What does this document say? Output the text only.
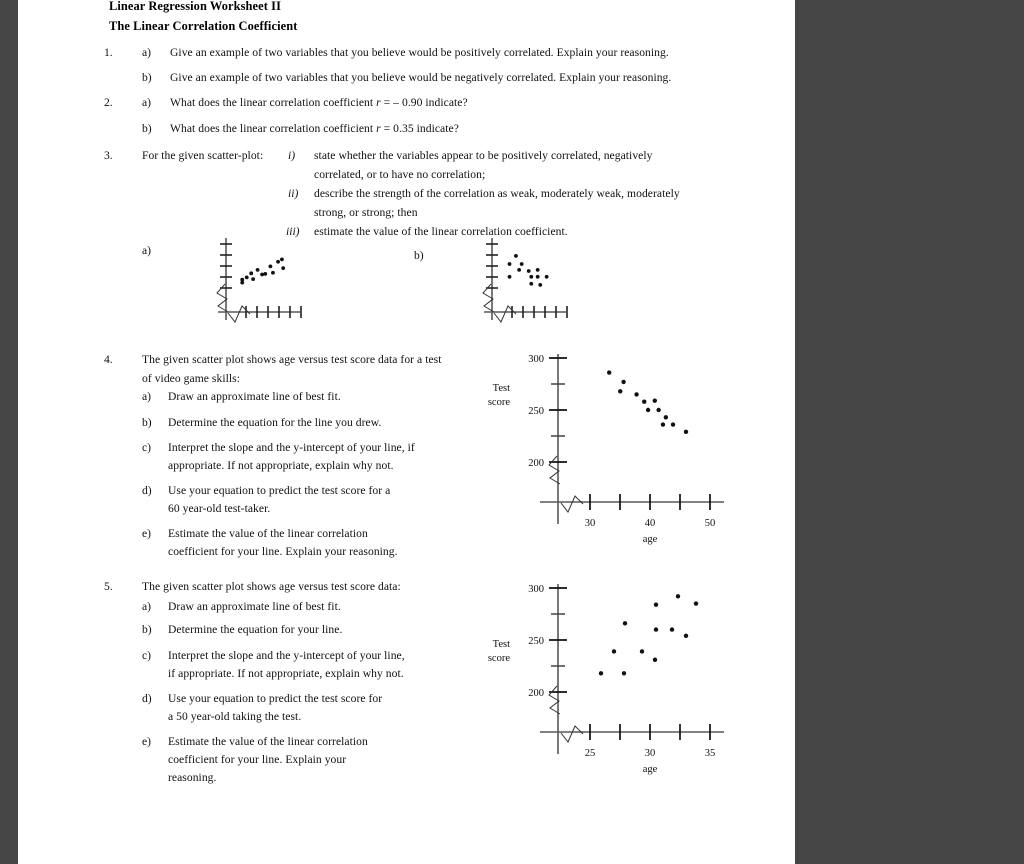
Linear Regression Worksheet II
The Linear Correlation Coefficient
1.	a) Give an example of two variables that you believe would be positively correlated. Explain your reasoning.
b) Give an example of two variables that you believe would be negatively correlated. Explain your reasoning.
2.	a) What does the linear correlation coefficient r = – 0.90 indicate?
b) What does the linear correlation coefficient r = 0.35 indicate?
3.	For the given scatter-plot: i) state whether the variables appear to be positively correlated, negatively
correlated, or to have no correlation;
ii) describe the strength of the correlation as weak, moderately weak, moderately
strong, or strong; then
iii) estimate the value of the linear correlation coefficient.
a)	b)
4.	The given scatter plot shows age versus test score data for a test
of video game skills:
a) Draw an approximate line of best fit.
b) Determine the equation for the line you drew.
c) Interpret the slope and the y-intercept of your line, if
appropriate. If not appropriate, explain why not.
d) Use your equation to predict the test score for a
60 year-old test-taker.
e) Estimate the value of the linear correlation
coefficient for your line. Explain your reasoning.
300
250
200
30	40	50
age
Test
score
5.	The given scatter plot shows age versus test score data:
a) Draw an approximate line of best fit.
b) Determine the equation for your line.
c) Interpret the slope and the y-intercept of your line,
if appropriate. If not appropriate, explain why not.
d) Use your equation to predict the test score for
a 50 year-old taking the test.
e) Estimate the value of the linear correlation
coefficient for your line. Explain your
reasoning.
300
250
200
25	30	35
age
Test
score
